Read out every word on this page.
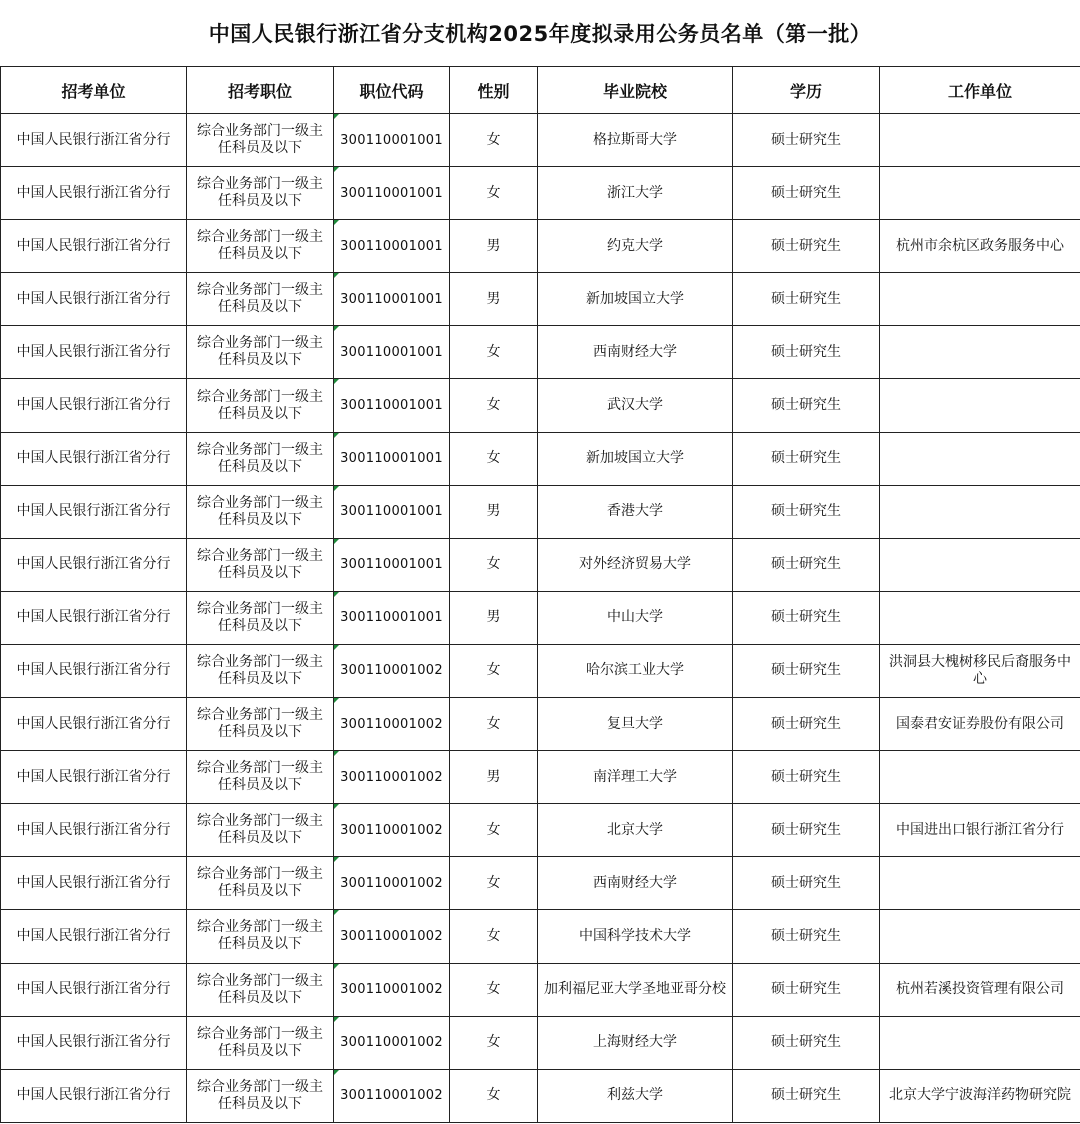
中国人民银行浙江省分支机构2025年度拟录用公务员名单（第一批）
招考单位	招考职位	职位代码	性别	毕业院校	学历	工作单位
中国人民银行浙江省分行	综合业务部门一级主任科员及以下	300110001001	女	格拉斯哥大学	硕士研究生	
中国人民银行浙江省分行	综合业务部门一级主任科员及以下	300110001001	女	浙江大学	硕士研究生	
中国人民银行浙江省分行	综合业务部门一级主任科员及以下	300110001001	男	约克大学	硕士研究生	杭州市余杭区政务服务中心
中国人民银行浙江省分行	综合业务部门一级主任科员及以下	300110001001	男	新加坡国立大学	硕士研究生	
中国人民银行浙江省分行	综合业务部门一级主任科员及以下	300110001001	女	西南财经大学	硕士研究生	
中国人民银行浙江省分行	综合业务部门一级主任科员及以下	300110001001	女	武汉大学	硕士研究生	
中国人民银行浙江省分行	综合业务部门一级主任科员及以下	300110001001	女	新加坡国立大学	硕士研究生	
中国人民银行浙江省分行	综合业务部门一级主任科员及以下	300110001001	男	香港大学	硕士研究生	
中国人民银行浙江省分行	综合业务部门一级主任科员及以下	300110001001	女	对外经济贸易大学	硕士研究生	
中国人民银行浙江省分行	综合业务部门一级主任科员及以下	300110001001	男	中山大学	硕士研究生	
中国人民银行浙江省分行	综合业务部门一级主任科员及以下	300110001002	女	哈尔滨工业大学	硕士研究生	洪洞县大槐树移民后裔服务中心
中国人民银行浙江省分行	综合业务部门一级主任科员及以下	300110001002	女	复旦大学	硕士研究生	国泰君安证券股份有限公司
中国人民银行浙江省分行	综合业务部门一级主任科员及以下	300110001002	男	南洋理工大学	硕士研究生	
中国人民银行浙江省分行	综合业务部门一级主任科员及以下	300110001002	女	北京大学	硕士研究生	中国进出口银行浙江省分行
中国人民银行浙江省分行	综合业务部门一级主任科员及以下	300110001002	女	西南财经大学	硕士研究生	
中国人民银行浙江省分行	综合业务部门一级主任科员及以下	300110001002	女	中国科学技术大学	硕士研究生	
中国人民银行浙江省分行	综合业务部门一级主任科员及以下	300110001002	女	加利福尼亚大学圣地亚哥分校	硕士研究生	杭州若溪投资管理有限公司
中国人民银行浙江省分行	综合业务部门一级主任科员及以下	300110001002	女	上海财经大学	硕士研究生	
中国人民银行浙江省分行	综合业务部门一级主任科员及以下	300110001002	女	利兹大学	硕士研究生	北京大学宁波海洋药物研究院
